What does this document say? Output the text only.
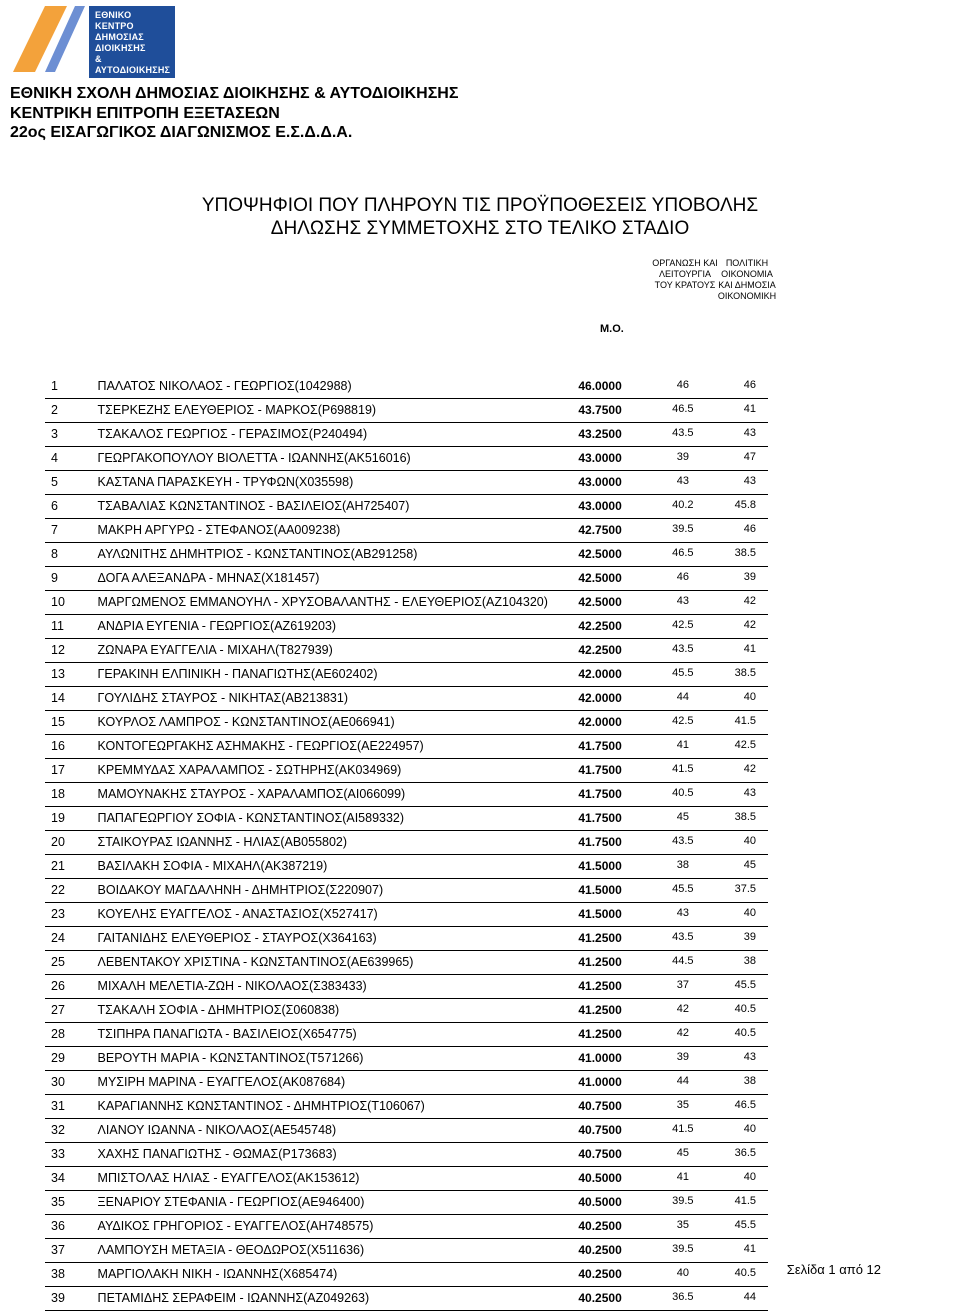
ΕΘΝΙΚΟ
ΚΕΝΤΡΟ
ΔΗΜΟΣΙΑΣ
ΔΙΟΙΚΗΣΗΣ
&
ΑΥΤΟΔΙΟΙΚΗΣΗΣ
ΕΘΝΙΚΗ ΣΧΟΛΗ ΔΗΜΟΣΙΑΣ ΔΙΟΙΚΗΣΗΣ & ΑΥΤΟΔΙΟΙΚΗΣΗΣ
ΚΕΝΤΡΙΚΗ ΕΠΙΤΡΟΠΗ ΕΞΕΤΑΣΕΩΝ
22ος ΕΙΣΑΓΩΓΙΚΟΣ ΔΙΑΓΩΝΙΣΜΟΣ Ε.Σ.Δ.Δ.Α.
ΥΠΟΨΗΦΙΟΙ ΠΟΥ ΠΛΗΡΟΥΝ ΤΙΣ ΠΡΟΫΠΟΘΕΣΕΙΣ ΥΠΟΒΟΛΗΣ
ΔΗΛΩΣΗΣ ΣΥΜΜΕΤΟΧΗΣ ΣΤΟ ΤΕΛΙΚΟ ΣΤΑΔΙΟ
ΟΡΓΑΝΩΣΗ ΚΑΙ
ΛΕΙΤΟΥΡΓΙΑ
ΤΟΥ ΚΡΑΤΟΥΣ
ΠΟΛΙΤΙΚΗ
ΟΙΚΟΝΟΜΙΑ
ΚΑΙ ΔΗΜΟΣΙΑ
ΟΙΚΟΝΟΜΙΚΗ
Μ.Ο.
1	ΠΑΛΑΤΟΣ ΝΙΚΟΛΑΟΣ - ΓΕΩΡΓΙΟΣ(1042988)	46.0000	46	46

2	ΤΣΕΡΚΕΖΗΣ ΕΛΕΥΘΕΡΙΟΣ - ΜΑΡΚΟΣ(Ρ698819)	43.7500	46.5	41

3	ΤΣΑΚΑΛΟΣ ΓΕΩΡΓΙΟΣ - ΓΕΡΑΣΙΜΟΣ(Ρ240494)	43.2500	43.5	43

4	ΓΕΩΡΓΑΚΟΠΟΥΛΟΥ ΒΙΟΛΕΤΤΑ - ΙΩΑΝΝΗΣ(ΑΚ516016)	43.0000	39	47

5	ΚΑΣΤΑΝΑ ΠΑΡΑΣΚΕΥΗ - ΤΡΥΦΩΝ(Χ035598)	43.0000	43	43

6	ΤΣΑΒΑΛΙΑΣ ΚΩΝΣΤΑΝΤΙΝΟΣ - ΒΑΣΙΛΕΙΟΣ(ΑΗ725407)	43.0000	40.2	45.8

7	ΜΑΚΡΗ ΑΡΓΥΡΩ - ΣΤΕΦΑΝΟΣ(ΑΑ009238)	42.7500	39.5	46

8	ΑΥΛΩΝΙΤΗΣ ΔΗΜΗΤΡΙΟΣ - ΚΩΝΣΤΑΝΤΙΝΟΣ(ΑΒ291258)	42.5000	46.5	38.5

9	ΔΟΓΑ ΑΛΕΞΑΝΔΡΑ - ΜΗΝΑΣ(Χ181457)	42.5000	46	39

10	ΜΑΡΓΩΜΕΝΟΣ ΕΜΜΑΝΟΥΗΛ - ΧΡΥΣΟΒΑΛΑΝΤΗΣ - ΕΛΕΥΘΕΡΙΟΣ(ΑΖ104320)	42.5000	43	42

11	ΑΝΔΡΙΑ ΕΥΓΕΝΙΑ - ΓΕΩΡΓΙΟΣ(ΑΖ619203)	42.2500	42.5	42

12	ΖΩΝΑΡΑ ΕΥΑΓΓΕΛΙΑ - ΜΙΧΑΗΛ(Τ827939)	42.2500	43.5	41

13	ΓΕΡΑΚΙΝΗ ΕΛΠΙΝΙΚΗ - ΠΑΝΑΓΙΩΤΗΣ(ΑΕ602402)	42.0000	45.5	38.5

14	ΓΟΥΛΙΔΗΣ ΣΤΑΥΡΟΣ - ΝΙΚΗΤΑΣ(ΑΒ213831)	42.0000	44	40

15	ΚΟΥΡΛΟΣ ΛΑΜΠΡΟΣ - ΚΩΝΣΤΑΝΤΙΝΟΣ(ΑΕ066941)	42.0000	42.5	41.5

16	ΚΟΝΤΟΓΕΩΡΓΑΚΗΣ ΑΣΗΜΑΚΗΣ - ΓΕΩΡΓΙΟΣ(ΑΕ224957)	41.7500	41	42.5

17	ΚΡΕΜΜΥΔΑΣ ΧΑΡΑΛΑΜΠΟΣ - ΣΩΤΗΡΗΣ(ΑΚ034969)	41.7500	41.5	42

18	ΜΑΜΟΥΝΑΚΗΣ ΣΤΑΥΡΟΣ - ΧΑΡΑΛΑΜΠΟΣ(ΑΙ066099)	41.7500	40.5	43

19	ΠΑΠΑΓΕΩΡΓΙΟΥ ΣΟΦΙΑ - ΚΩΝΣΤΑΝΤΙΝΟΣ(ΑΙ589332)	41.7500	45	38.5

20	ΣΤΑΙΚΟΥΡΑΣ ΙΩΑΝΝΗΣ - ΗΛΙΑΣ(ΑΒ055802)	41.7500	43.5	40

21	ΒΑΣΙΛΑΚΗ ΣΟΦΙΑ - ΜΙΧΑΗΛ(ΑΚ387219)	41.5000	38	45

22	ΒΟΙΔΑΚΟΥ ΜΑΓΔΑΛΗΝΗ - ΔΗΜΗΤΡΙΟΣ(Σ220907)	41.5000	45.5	37.5

23	ΚΟΥΕΛΗΣ ΕΥΑΓΓΕΛΟΣ - ΑΝΑΣΤΑΣΙΟΣ(Χ527417)	41.5000	43	40

24	ΓΑΙΤΑΝΙΔΗΣ ΕΛΕΥΘΕΡΙΟΣ - ΣΤΑΥΡΟΣ(Χ364163)	41.2500	43.5	39

25	ΛΕΒΕΝΤΑΚΟΥ ΧΡΙΣΤΙΝΑ - ΚΩΝΣΤΑΝΤΙΝΟΣ(ΑΕ639965)	41.2500	44.5	38

26	ΜΙΧΑΛΗ ΜΕΛΕΤΙΑ-ΖΩΗ - ΝΙΚΟΛΑΟΣ(Σ383433)	41.2500	37	45.5

27	ΤΣΑΚΑΛΗ ΣΟΦΙΑ - ΔΗΜΗΤΡΙΟΣ(Σ060838)	41.2500	42	40.5

28	ΤΣΙΠΗΡΑ ΠΑΝΑΓΙΩΤΑ - ΒΑΣΙΛΕΙΟΣ(Χ654775)	41.2500	42	40.5

29	ΒΕΡΟΥΤΗ ΜΑΡΙΑ - ΚΩΝΣΤΑΝΤΙΝΟΣ(Τ571266)	41.0000	39	43

30	ΜΥΣΙΡΗ ΜΑΡΙΝΑ - ΕΥΑΓΓΕΛΟΣ(ΑΚ087684)	41.0000	44	38

31	ΚΑΡΑΓΙΑΝΝΗΣ ΚΩΝΣΤΑΝΤΙΝΟΣ - ΔΗΜΗΤΡΙΟΣ(Τ106067)	40.7500	35	46.5

32	ΛΙΑΝΟΥ ΙΩΑΝΝΑ - ΝΙΚΟΛΑΟΣ(ΑΕ545748)	40.7500	41.5	40

33	ΧΑΧΗΣ ΠΑΝΑΓΙΩΤΗΣ - ΘΩΜΑΣ(Ρ173683)	40.7500	45	36.5

34	ΜΠΙΣΤΟΛΑΣ ΗΛΙΑΣ - ΕΥΑΓΓΕΛΟΣ(ΑΚ153612)	40.5000	41	40

35	ΞΕΝΑΡΙΟΥ ΣΤΕΦΑΝΙΑ - ΓΕΩΡΓΙΟΣ(ΑΕ946400)	40.5000	39.5	41.5

36	ΑΥΔΙΚΟΣ ΓΡΗΓΟΡΙΟΣ - ΕΥΑΓΓΕΛΟΣ(ΑΗ748575)	40.2500	35	45.5

37	ΛΑΜΠΟΥΣΗ ΜΕΤΑΞΙΑ - ΘΕΟΔΩΡΟΣ(Χ511636)	40.2500	39.5	41

38	ΜΑΡΓΙΟΛΑΚΗ ΝΙΚΗ - ΙΩΑΝΝΗΣ(Χ685474)	40.2500	40	40.5

39	ΠΕΤΑΜΙΔΗΣ ΣΕΡΑΦΕΙΜ - ΙΩΑΝΝΗΣ(ΑΖ049263)	40.2500	36.5	44
Σελίδα 1 από 12
